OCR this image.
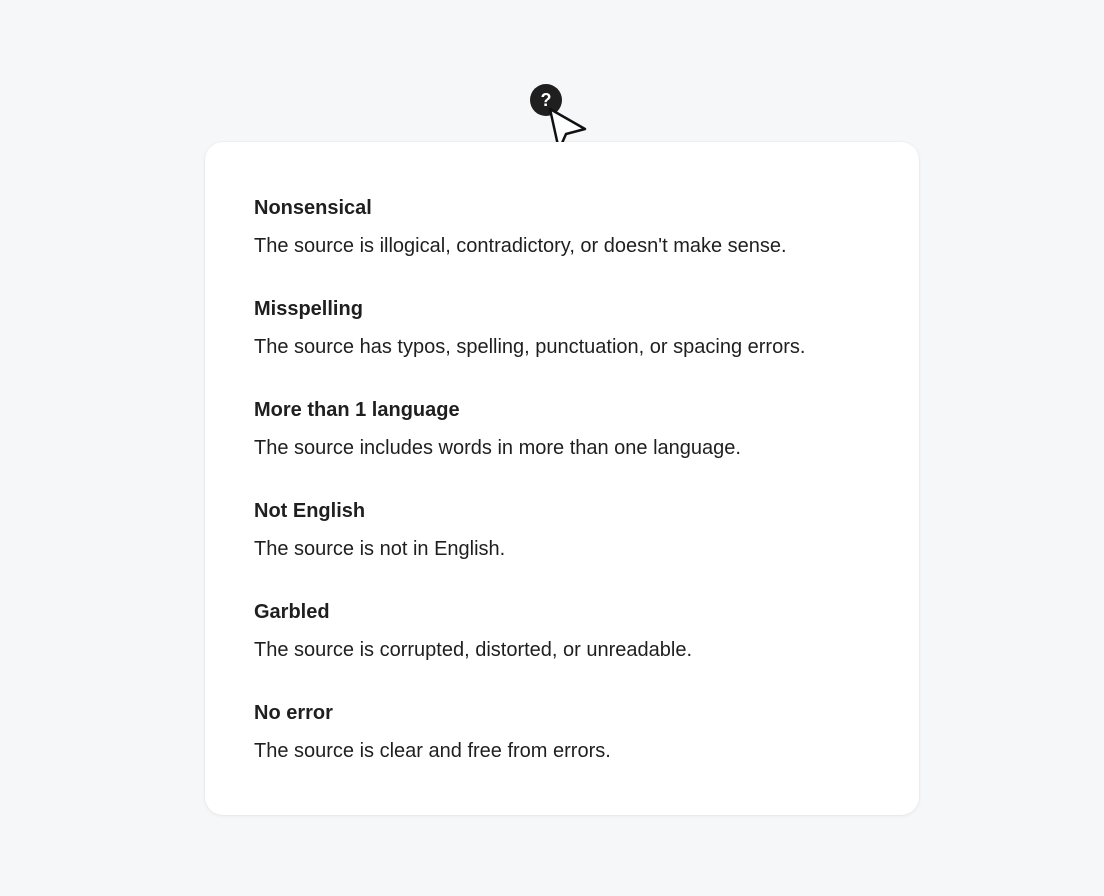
?

Nonsensical

The source is illogical, contradictory, or doesn't make sense.

Misspelling

The source has typos, spelling, punctuation, or spacing errors.

More than 1 language

The source includes words in more than one language.

Not English

The source is not in English.

Garbled

The source is corrupted, distorted, or unreadable.

No error

The source is clear and free from errors.
